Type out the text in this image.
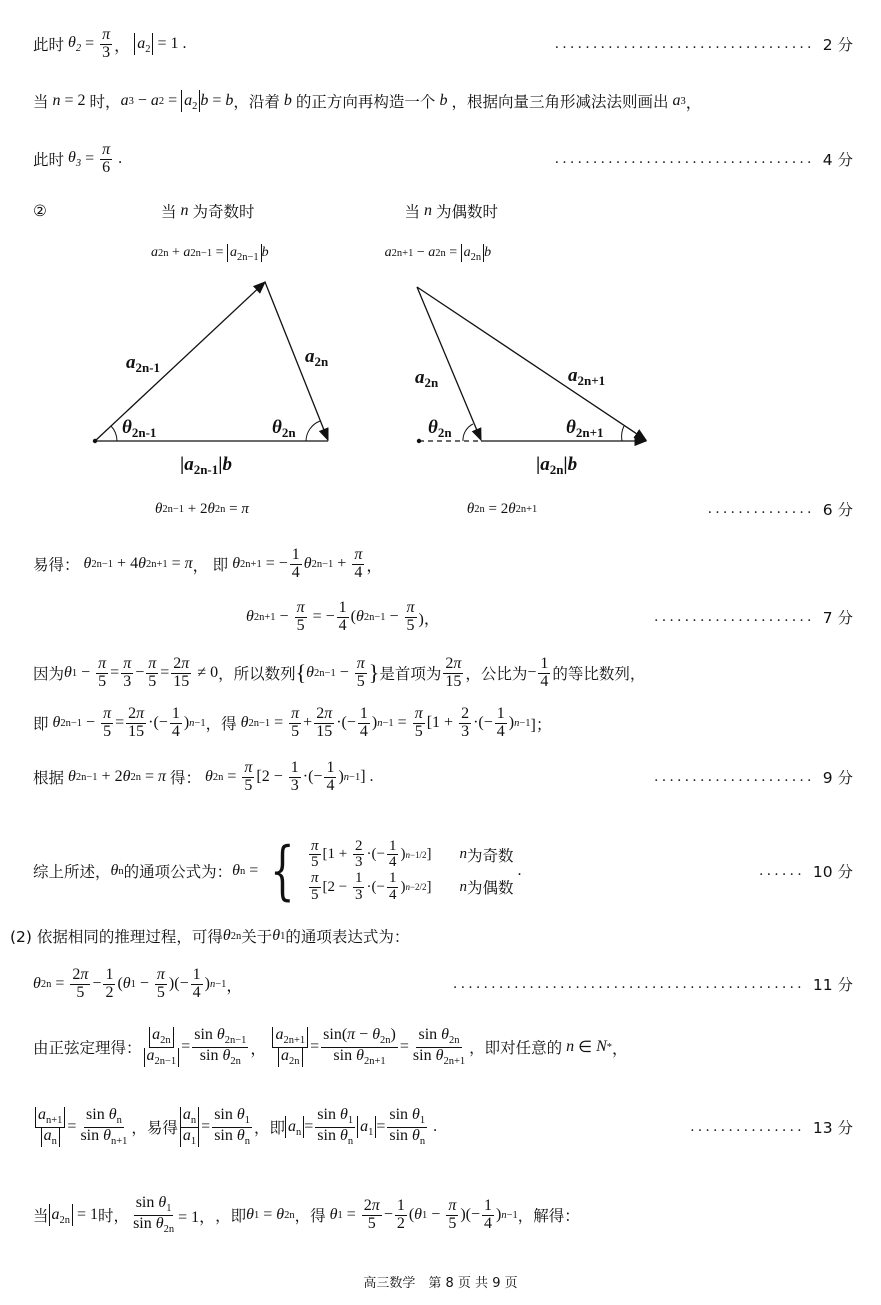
此时 $\theta_2 = \frac{\pi}{3}$ ， $a_2 = 1$ .	.................................. 2 分
当 n = 2 时， a 3 − a $2 = a_2$ b = b ，沿着 b 的正方向再构造一个 b ，根据向量三角形减法法则画出 a 3 ，
此时 $\theta_3 = \frac{\pi}{6}$ .	.................................. 4 分
②	当 n 为奇数时	当 n 为偶数时
a 2n + a $2n-1 = a_{2n-1}$ b	a 2n+1 − a $2n = a_{2n}$ b
$a_{2n-1}$
$a_{2n}$
$\theta_{2n-1}$	$\theta_{2n}$
$|a_{2n-1}|b$
$a_{2n}$	$a_{2n+1}$
$\theta_{2n}$	$\theta_{2n+1}$
$|a_{2n}|b$
θ 2n−1 + 2 θ 2n = π	θ 2n = 2 θ 2n+1	.............. 6 分
易得： θ 2n−1 + 4 θ 2n+1 = π ， 即 θ 2n+1 = − $\frac{1}{4}$ θ $2n-1 + \frac{\pi}{4}$ ，
θ $2n+1 - \frac{\pi}{5}$ = − $\frac{1}{4}$ ( θ $2n-1 - \frac{\pi}{5}$ )，	..................... 7 分
因为 θ $1 - \frac{\pi}{5} = \frac{\pi}{3} - \frac{\pi}{5} = \frac{2\pi}{15} \ne 0$ ，所以数列 { θ $2n-1 - \frac{\pi}{5}$ } 是首项为 $\frac{2\pi}{15}$ ，公比为 − $\frac{1}{4}$ 的等比数列，
即 θ $2n-1 - \frac{\pi}{5} = \frac{2\pi}{15}$ ·(− $\frac{1}{4}$ ) n−1 ，得 θ $2n-1 = \frac{\pi}{5} + \frac{2\pi}{15}$ ·(− $\frac{1}{4}$ ) $n-1 = \frac{\pi}{5} [1 + \frac{2}{3}$ ·(− $\frac{1}{4}$ ) n−1 ]；
根据 θ 2n−1 + 2 θ 2n = π 得： θ $2n = \frac{\pi}{5} [2 - \frac{1}{3}$ ·(− $\frac{1}{4}$ ) n−1 ] .	..................... 9 分
综上所述， θ n 的通项公式为： θ n = { $\frac{\pi}{5} [1 + \frac{2}{3}$ ·(− $\frac{1}{4}$ ) n−1/2 ] n 为奇数
$\frac{\pi}{5} [2 - \frac{1}{3}$ ·(− $\frac{1}{4}$ ) n−2/2 ] n 为偶数
.	...... 10 分
(2) 依据相同的推理过程，可得 θ 2n 关于 θ 1 的通项表达式为：
θ $2n = \frac{2\pi}{5} - \frac{1}{2}$ ( θ $1 - \frac{\pi}{5}$ )(− $\frac{1}{4}$ ) n−1 ，	.............................................. 11 分
由正弦定理得： $\frac{a_{2n}}{a_{2n-1}} = \frac{\sin \theta_{2n-1}}{\sin \theta_{2n}}$ ， $\frac{a_{2n+1}}{a_{2n}} = \frac{\sin(\pi - \theta_{2n})}{\sin \theta_{2n+1}} = \frac{\sin \theta_{2n}}{\sin \theta_{2n+1}}$ ，即对任意的 n ∈ N * ，
$\frac{a_{n+1}}{a_n} = \frac{\sin \theta_n}{\sin \theta_{n+1}}$ ，易得 $\frac{a_n}{a_1} = \frac{\sin \theta_1}{\sin \theta_n}$ ，即 $a_n = \frac{\sin \theta_1}{\sin \theta_n} a_1 = \frac{\sin \theta_1}{\sin \theta_n}$ .	............... 13 分
当 $a_{2n} = 1$ 时， $\frac{\sin \theta_1}{\sin \theta_{2n}} = 1$， ，即 θ 1 = θ 2n ，得 θ $1 = \frac{2\pi}{5} - \frac{1}{2}$ ( θ $1 - \frac{\pi}{5}$ )(− $\frac{1}{4}$ ) n−1 ，解得：
高三数学　第 8 页 共 9 页
